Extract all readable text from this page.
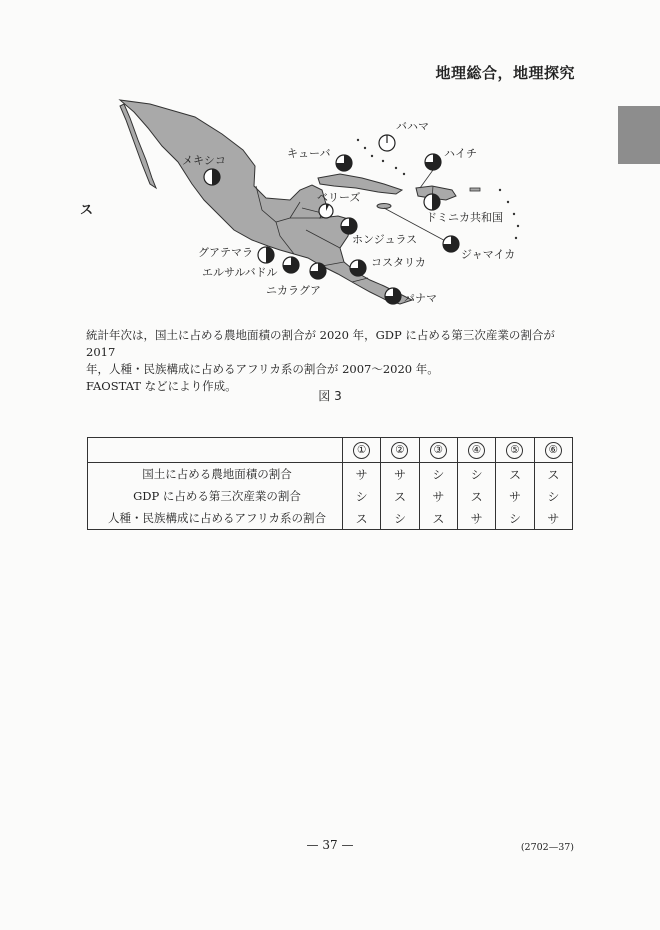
地理総合，地理探究
ス
メキシコ
キューバ
バハマ
ハイチ
ドミニカ共和国
ベリーズ
ホンジュラス
ジャマイカ
グアテマラ
エルサルバドル
コスタリカ
ニカラグア
パナマ
統計年次は，国土に占める農地面積の割合が 2020 年，GDP に占める第三次産業の割合が 2017
年，人種・民族構成に占めるアフリカ系の割合が 2007～2020 年。
FAOSTAT などにより作成。
図 3
	①	②	③	④	⑤	⑥
国土に占める農地面積の割合	サ	サ	シ	シ	ス	ス
GDP に占める第三次産業の割合	シ	ス	サ	ス	サ	シ
人種・民族構成に占めるアフリカ系の割合	ス	シ	ス	サ	シ	サ
— 37 —	(2702—37)
